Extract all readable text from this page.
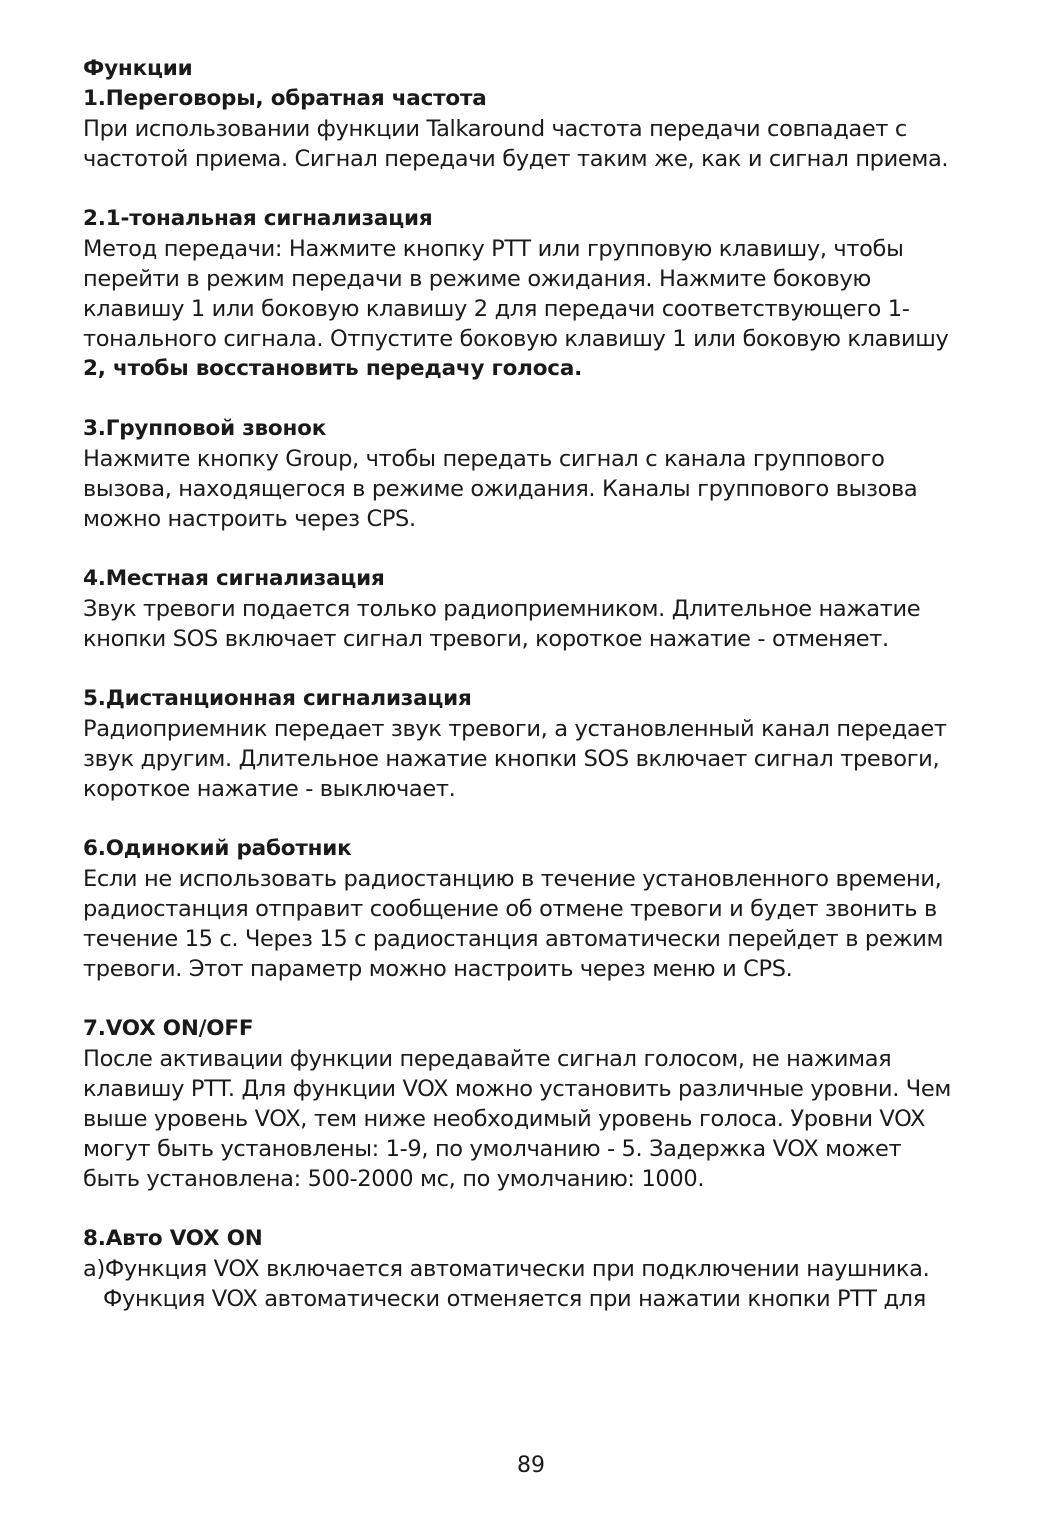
Функции

1.Переговоры, обратная частота

При использовании функции Talkaround частота передачи совпадает с

частотой приема. Сигнал передачи будет таким же, как и сигнал приема.

2.1-тональная сигнализация

Метод передачи: Нажмите кнопку PTT или групповую клавишу, чтобы

перейти в режим передачи в режиме ожидания. Нажмите боковую

клавишу 1 или боковую клавишу 2 для передачи соответствующего 1-

тонального сигнала. Отпустите боковую клавишу 1 или боковую клавишу

2, чтобы восстановить передачу голоса.

3.Групповой звонок

Нажмите кнопку Group, чтобы передать сигнал с канала группового

вызова, находящегося в режиме ожидания. Каналы группового вызова

можно настроить через CPS.

4.Местная сигнализация

Звук тревоги подается только радиоприемником. Длительное нажатие

кнопки SOS включает сигнал тревоги, короткое нажатие - отменяет.

5.Дистанционная сигнализация

Радиоприемник передает звук тревоги, а установленный канал передает

звук другим. Длительное нажатие кнопки SOS включает сигнал тревоги,

короткое нажатие - выключает.

6.Одинокий работник

Если не использовать радиостанцию в течение установленного времени,

радиостанция отправит сообщение об отмене тревоги и будет звонить в

течение 15 с. Через 15 с радиостанция автоматически перейдет в режим

тревоги. Этот параметр можно настроить через меню и CPS.

7.VOX ON/OFF

После активации функции передавайте сигнал голосом, не нажимая

клавишу PTT. Для функции VOX можно установить различные уровни. Чем

выше уровень VOX, тем ниже необходимый уровень голоса. Уровни VOX

могут быть установлены: 1-9, по умолчанию - 5. Задержка VOX может

быть установлена: 500-2000 мс, по умолчанию: 1000.

8.Авто VOX ON

а)Функция VOX включается автоматически при подключении наушника.

Функция VOX автоматически отменяется при нажатии кнопки PTT для

89
